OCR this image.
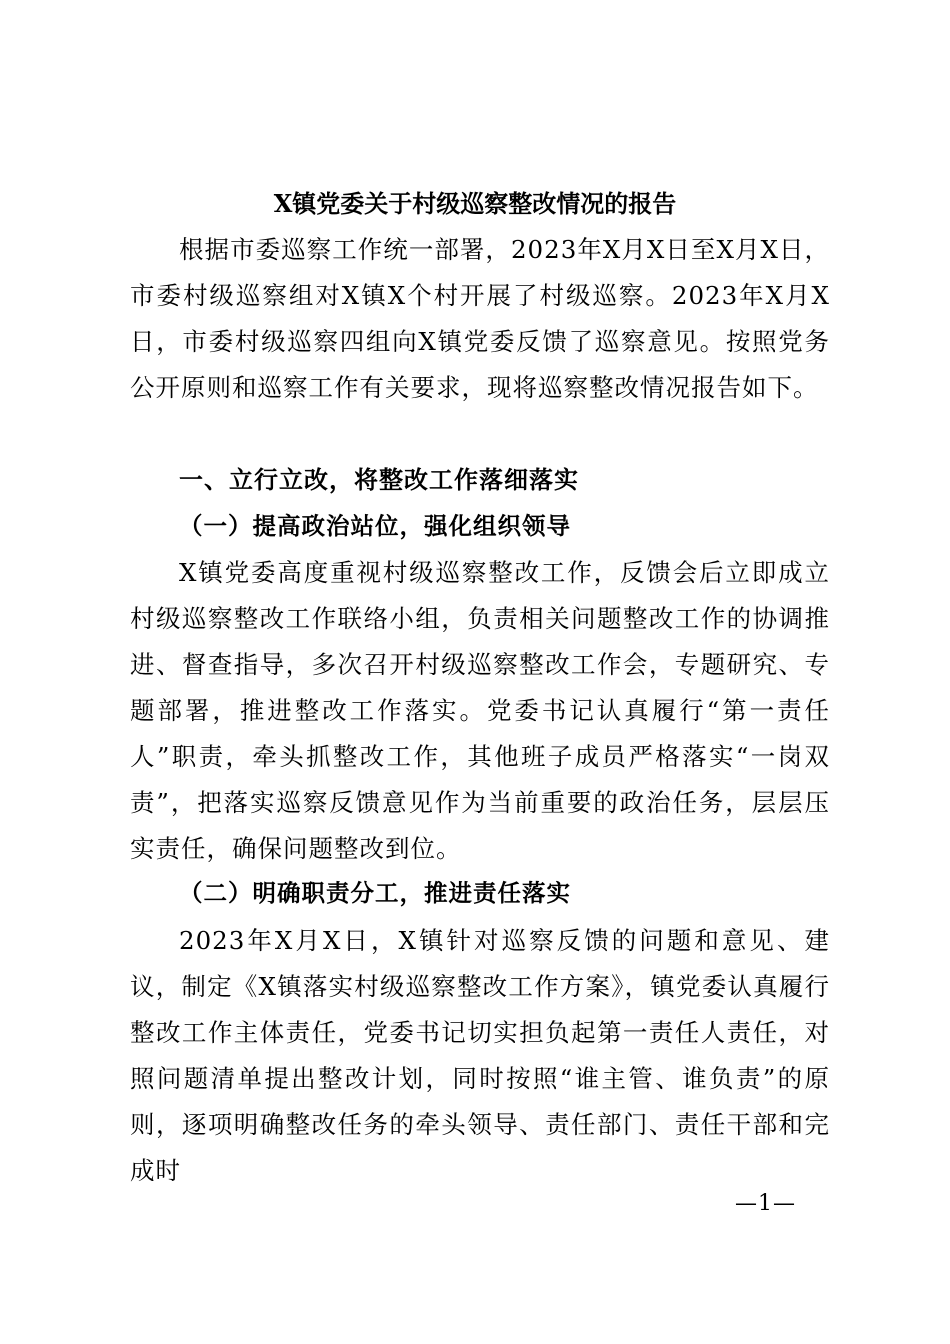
X镇党委关于村级巡察整改情况的报告

根据市委巡察工作统一部署，2023年X月X日至X月X日，市委村级巡察组对X镇X个村开展了村级巡察。2023年X月X日，市委村级巡察四组向X镇党委反馈了巡察意见。按照党务公开原则和巡察工作有关要求，现将巡察整改情况报告如下。

一、立行立改，将整改工作落细落实
（一）提高政治站位，强化组织领导

X镇党委高度重视村级巡察整改工作，反馈会后立即成立村级巡察整改工作联络小组，负责相关问题整改工作的协调推进、督查指导，多次召开村级巡察整改工作会，专题研究、专题部署，推进整改工作落实。党委书记认真履行“第一责任人”职责，牵头抓整改工作，其他班子成员严格落实“一岗双责”，把落实巡察反馈意见作为当前重要的政治任务，层层压实责任，确保问题整改到位。

（二）明确职责分工，推进责任落实

2023年X月X日，X镇针对巡察反馈的问题和意见、建议，制定《X镇落实村级巡察整改工作方案》，镇党委认真履行整改工作主体责任，党委书记切实担负起第一责任人责任，对照问题清单提出整改计划，同时按照“谁主管、谁负责”的原则，逐项明确整改任务的牵头领导、责任部门、责任干部和完成时

—1—
